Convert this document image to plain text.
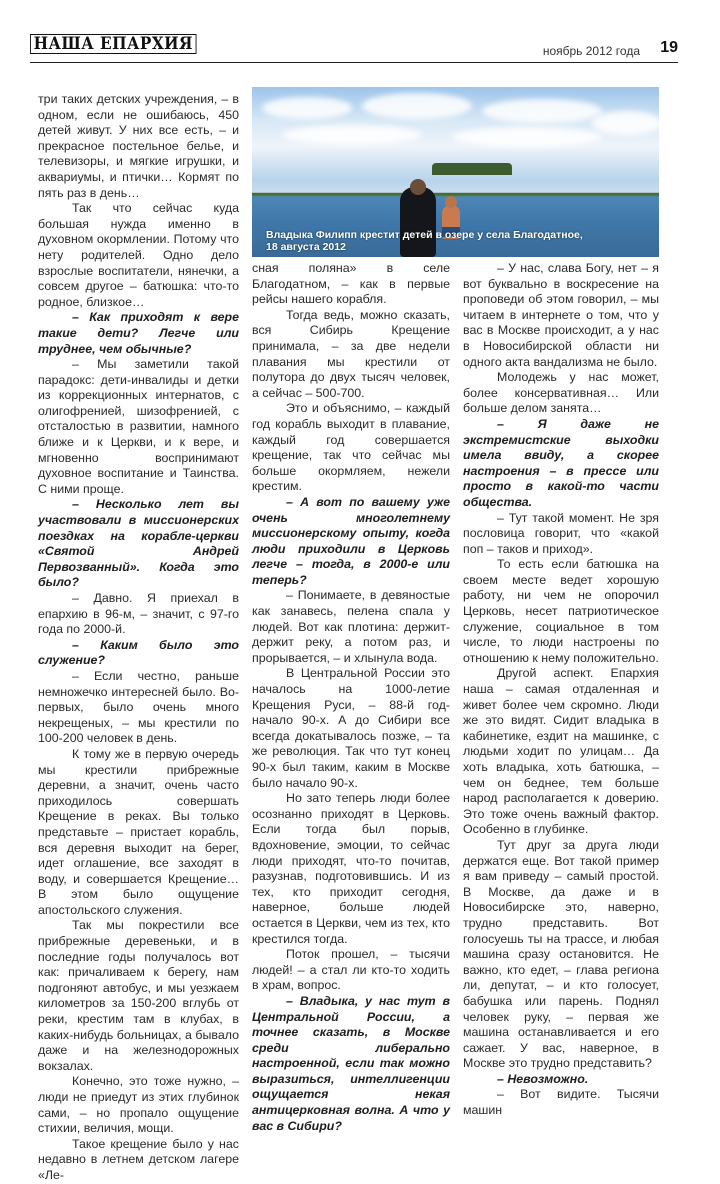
НАША ЕПАРХИЯ	ноябрь 2012 года 19
Владыка Филипп крестит детей в озере у села Благодатное,
18 августа 2012

три таких детских учреждения, – в одном, если не ошибаюсь, 450 детей живут. У них все есть, – и прекрасное постельное белье, и телевизоры, и мягкие игрушки, и аквариумы, и птички… Кормят по пять раз в день…

Так что сейчас куда большая нужда именно в духовном окормлении. Потому что нету родителей. Одно дело взрослые воспитатели, нянечки, а совсем другое – батюшка: что-то родное, близкое…

– Как приходят к вере такие дети? Легче или труднее, чем обычные?

– Мы заметили такой парадокс: дети-инвалиды и детки из коррекционных интернатов, с олигофренией, шизофренией, с отсталостью в развитии, намного ближе и к Церкви, и к вере, и мгновенно воспринимают духовное воспитание и Таинства. С ними проще.

– Несколько лет вы участвовали в миссионерских поездках на корабле-церкви «Святой Андрей Первозванный». Когда это было?

– Давно. Я приехал в епархию в 96-м, – значит, с 97-го года по 2000-й.

– Каким было это служение?

– Если честно, раньше немножечко интересней было. Во-первых, было очень много некрещеных, – мы крестили по 100-200 человек в день.

К тому же в первую очередь мы крестили прибрежные деревни, а значит, очень часто приходилось совершать Крещение в реках. Вы только представьте – пристает корабль, вся деревня выходит на берег, идет оглашение, все заходят в воду, и совершается Крещение… В этом было ощущение апостольского служения.

Так мы покрестили все прибрежные деревеньки, и в последние годы получалось вот как: причаливаем к берегу, нам подгоняют автобус, и мы уезжаем километров за 150-200 вглубь от реки, крестим там в клубах, в каких-нибудь больницах, а бывало даже и на железнодорожных вокзалах.

Конечно, это тоже нужно, – люди не приедут из этих глубинок сами, – но пропало ощущение стихии, величия, мощи.

Такое крещение было у нас недавно в летнем детском лагере «Ле-

сная поляна» в селе Благодатном, – как в первые рейсы нашего корабля.

Тогда ведь, можно сказать, вся Сибирь Крещение принимала, – за две недели плавания мы крестили от полутора до двух тысяч человек, а сейчас – 500-700.

Это и объяснимо, – каждый год корабль выходит в плавание, каждый год совершается крещение, так что сейчас мы больше окормляем, нежели крестим.

– А вот по вашему уже очень многолетнему миссионерскому опыту, когда люди приходили в Церковь легче – тогда, в 2000-е или теперь?

– Понимаете, в девяностые как занавесь, пелена спала у людей. Вот как плотина: держит-держит реку, а потом раз, и прорывается, – и хлынула вода.

В Центральной России это началось на 1000-летие Крещения Руси, – 88-й год-начало 90-х. А до Сибири все всегда докатывалось позже, – та же революция. Так что тут конец 90-х был таким, каким в Москве было начало 90-х.

Но зато теперь люди более осознанно приходят в Церковь. Если тогда был порыв, вдохновение, эмоции, то сейчас люди приходят, что-то почитав, разузнав, подготовившись. И из тех, кто приходит сегодня, наверное, больше людей остается в Церкви, чем из тех, кто крестился тогда.

Поток прошел, – тысячи людей! – а стал ли кто-то ходить в храм, вопрос.

– Владыка, у нас тут в Центральной России, а точнее сказать, в Москве среди либерально настроенной, если так можно выразиться, интеллигенции ощущается некая антицерковная волна. А что у вас в Сибири?

– У нас, слава Богу, нет – я вот буквально в воскресение на проповеди об этом говорил, – мы читаем в интернете о том, что у вас в Москве происходит, а у нас в Новосибирской области ни одного акта вандализма не было.

Молодежь у нас может, более консервативная… Или больше делом занята…

– Я даже не экстремистские выходки имела ввиду, а скорее настроения – в прессе или просто в какой-то части общества.

– Тут такой момент. Не зря пословица говорит, что «какой поп – таков и приход».

То есть если батюшка на своем месте ведет хорошую работу, ни чем не опорочил Церковь, несет патриотическое служение, социальное в том числе, то люди настроены по отношению к нему положительно.

Другой аспект. Епархия наша – самая отдаленная и живет более чем скромно. Люди же это видят. Сидит владыка в кабинетике, ездит на машинке, с людьми ходит по улицам… Да хоть владыка, хоть батюшка, – чем он беднее, тем больше народ располагается к доверию. Это тоже очень важный фактор. Особенно в глубинке.

Тут друг за друга люди держатся еще. Вот такой пример я вам приведу – самый простой. В Москве, да даже и в Новосибирске это, наверно, трудно представить. Вот голосуешь ты на трассе, и любая машина сразу остановится. Не важно, кто едет, – глава региона ли, депутат, – и кто голосует, бабушка или парень. Поднял человек руку, – первая же машина останавливается и его сажает. У вас, наверное, в Москве это трудно представить?

– Невозможно.

– Вот видите. Тысячи машин
